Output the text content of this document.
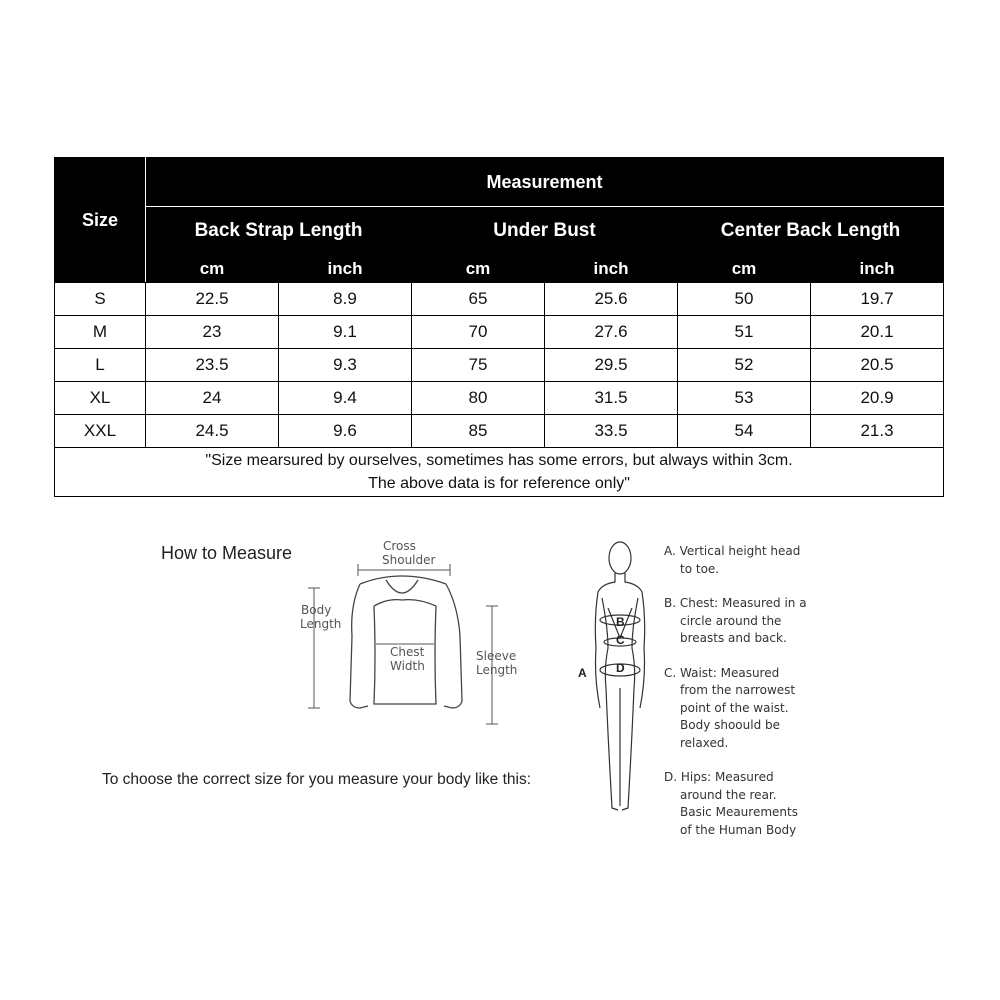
Size	Measurement					
	Back Strap Length		Under Bust		Center Back Length	
	cm	inch	cm	inch	cm	inch
S	22.5	8.9	65	25.6	50	19.7
M	23	9.1	70	27.6	51	20.1
L	23.5	9.3	75	29.5	52	20.5
XL	24	9.4	80	31.5	53	20.9
XXL	24.5	9.6	85	33.5	54	21.3

"Size mearsured by ourselves, sometimes has some errors, but always within 3cm.
The above data is for reference only"						
How to Measure
To choose the correct size for you measure your body like this:
Cross
Shoulder
Body
Length
Chest
Width
Sleeve
Length
B
C
A D
A. Vertical height head
to toe.
B. Chest: Measured in a
circle around the
breasts and back.
C. Waist: Measured
from the narrowest
point of the waist.
Body shoould be
relaxed.
D. Hips: Measured
around the rear.
Basic Meaurements
of the Human Body
